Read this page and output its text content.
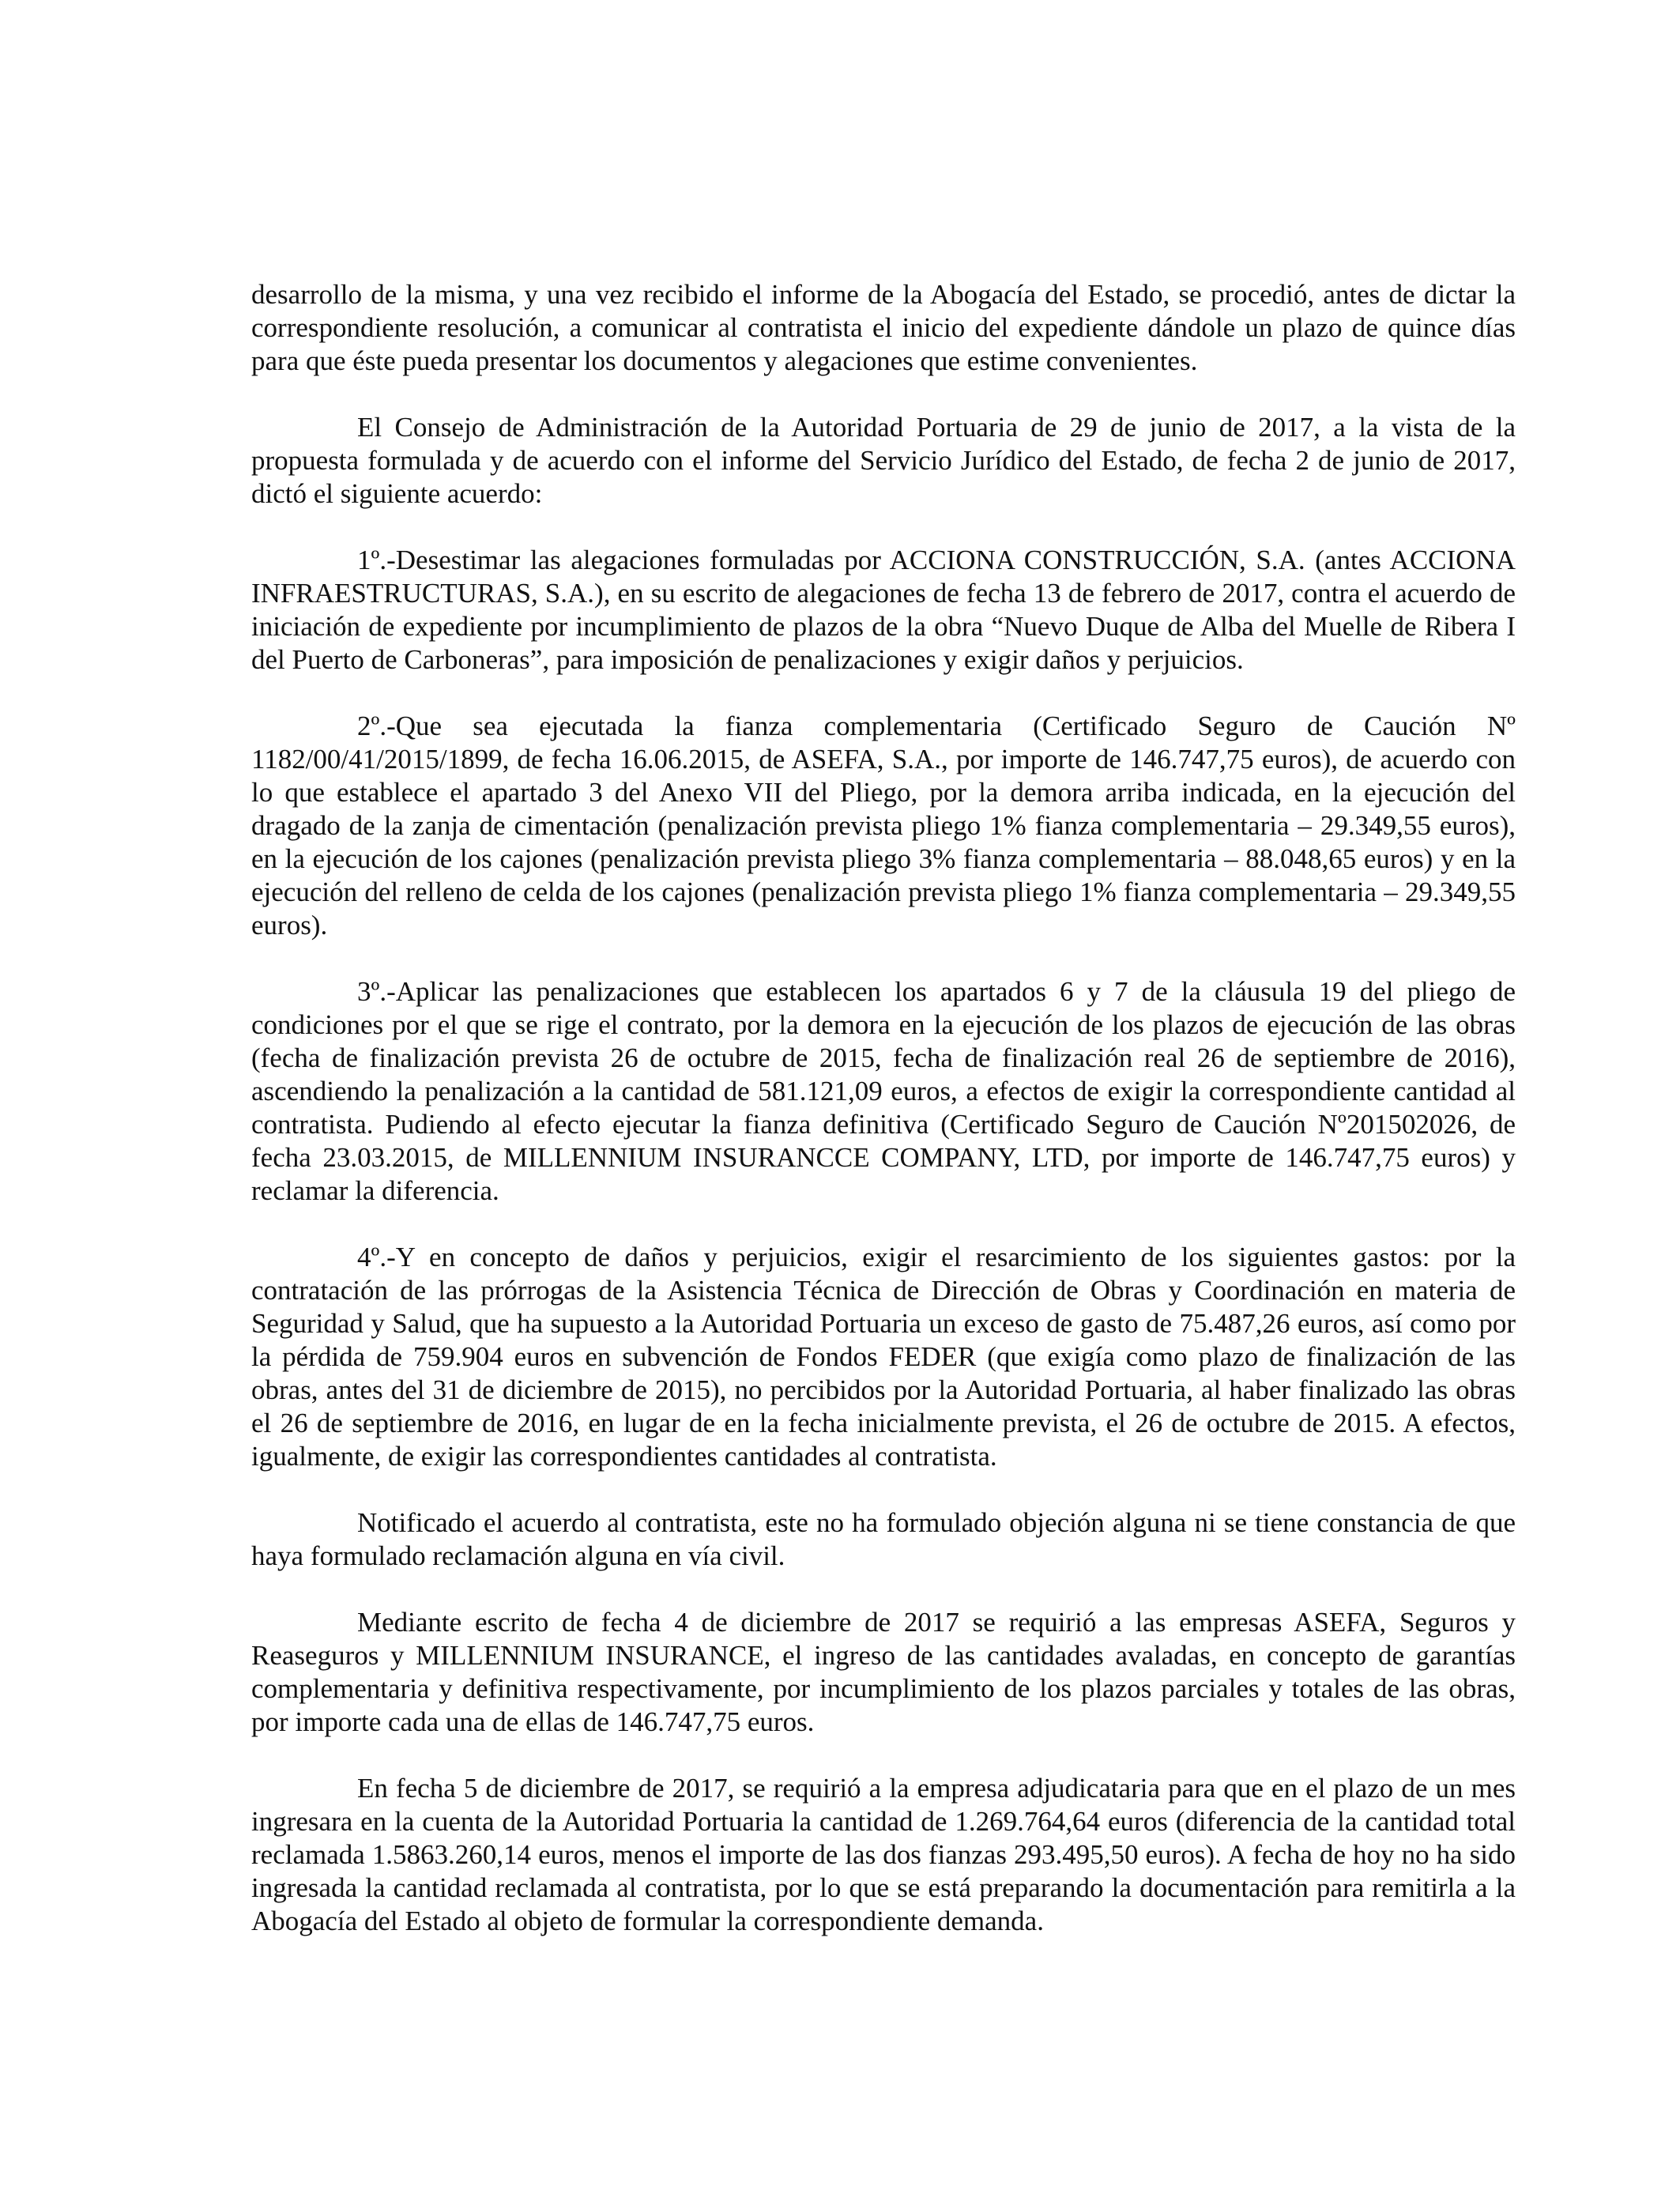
desarrollo de la misma, y una vez recibido el informe de la Abogacía del Estado, se procedió, antes de dictar la correspondiente resolución, a comunicar al contratista el inicio del expediente dándole un plazo de quince días para que éste pueda presentar los documentos y alegaciones que estime convenientes.

El Consejo de Administración de la Autoridad Portuaria de 29 de junio de 2017, a la vista de la propuesta formulada y de acuerdo con el informe del Servicio Jurídico del Estado, de fecha 2 de junio de 2017, dictó el siguiente acuerdo:

1º.-Desestimar las alegaciones formuladas por ACCIONA CONSTRUCCIÓN, S.A. (antes ACCIONA INFRAESTRUCTURAS, S.A.), en su escrito de alegaciones de fecha 13 de febrero de 2017, contra el acuerdo de iniciación de expediente por incumplimiento de plazos de la obra “Nuevo Duque de Alba del Muelle de Ribera I del Puerto de Carboneras”, para imposición de penalizaciones y exigir daños y perjuicios.

2º.-Que sea ejecutada la fianza complementaria (Certificado Seguro de Caución Nº 1182/00/41/2015/1899, de fecha 16.06.2015, de ASEFA, S.A., por importe de 146.747,75 euros), de acuerdo con lo que establece el apartado 3 del Anexo VII del Pliego, por la demora arriba indicada, en la ejecución del dragado de la zanja de cimentación (penalización prevista pliego 1% fianza complementaria – 29.349,55 euros), en la ejecución de los cajones (penalización prevista pliego 3% fianza complementaria – 88.048,65 euros) y en la ejecución del relleno de celda de los cajones (penalización prevista pliego 1% fianza complementaria – 29.349,55 euros).

3º.-Aplicar las penalizaciones que establecen los apartados 6 y 7 de la cláusula 19 del pliego de condiciones por el que se rige el contrato, por la demora en la ejecución de los plazos de ejecución de las obras (fecha de finalización prevista 26 de octubre de 2015, fecha de finalización real 26 de septiembre de 2016), ascendiendo la penalización a la cantidad de 581.121,09 euros, a efectos de exigir la correspondiente cantidad al contratista. Pudiendo al efecto ejecutar la fianza definitiva (Certificado Seguro de Caución Nº201502026, de fecha 23.03.2015, de MILLENNIUM INSURANCCE COMPANY, LTD, por importe de 146.747,75 euros) y reclamar la diferencia.

4º.-Y en concepto de daños y perjuicios, exigir el resarcimiento de los siguientes gastos: por la contratación de las prórrogas de la Asistencia Técnica de Dirección de Obras y Coordinación en materia de Seguridad y Salud, que ha supuesto a la Autoridad Portuaria un exceso de gasto de 75.487,26 euros, así como por la pérdida de 759.904 euros en subvención de Fondos FEDER (que exigía como plazo de finalización de las obras, antes del 31 de diciembre de 2015), no percibidos por la Autoridad Portuaria, al haber finalizado las obras el 26 de septiembre de 2016, en lugar de en la fecha inicialmente prevista, el 26 de octubre de 2015. A efectos, igualmente, de exigir las correspondientes cantidades al contratista.

Notificado el acuerdo al contratista, este no ha formulado objeción alguna ni se tiene constancia de que haya formulado reclamación alguna en vía civil.

Mediante escrito de fecha 4 de diciembre de 2017 se requirió a las empresas ASEFA, Seguros y Reaseguros y MILLENNIUM INSURANCE, el ingreso de las cantidades avaladas, en concepto de garantías complementaria y definitiva respectivamente, por incumplimiento de los plazos parciales y totales de las obras, por importe cada una de ellas de 146.747,75 euros.

En fecha 5 de diciembre de 2017, se requirió a la empresa adjudicataria para que en el plazo de un mes ingresara en la cuenta de la Autoridad Portuaria la cantidad de 1.269.764,64 euros (diferencia de la cantidad total reclamada 1.5863.260,14 euros, menos el importe de las dos fianzas 293.495,50 euros). A fecha de hoy no ha sido ingresada la cantidad reclamada al contratista, por lo que se está preparando la documentación para remitirla a la Abogacía del Estado al objeto de formular la correspondiente demanda.
